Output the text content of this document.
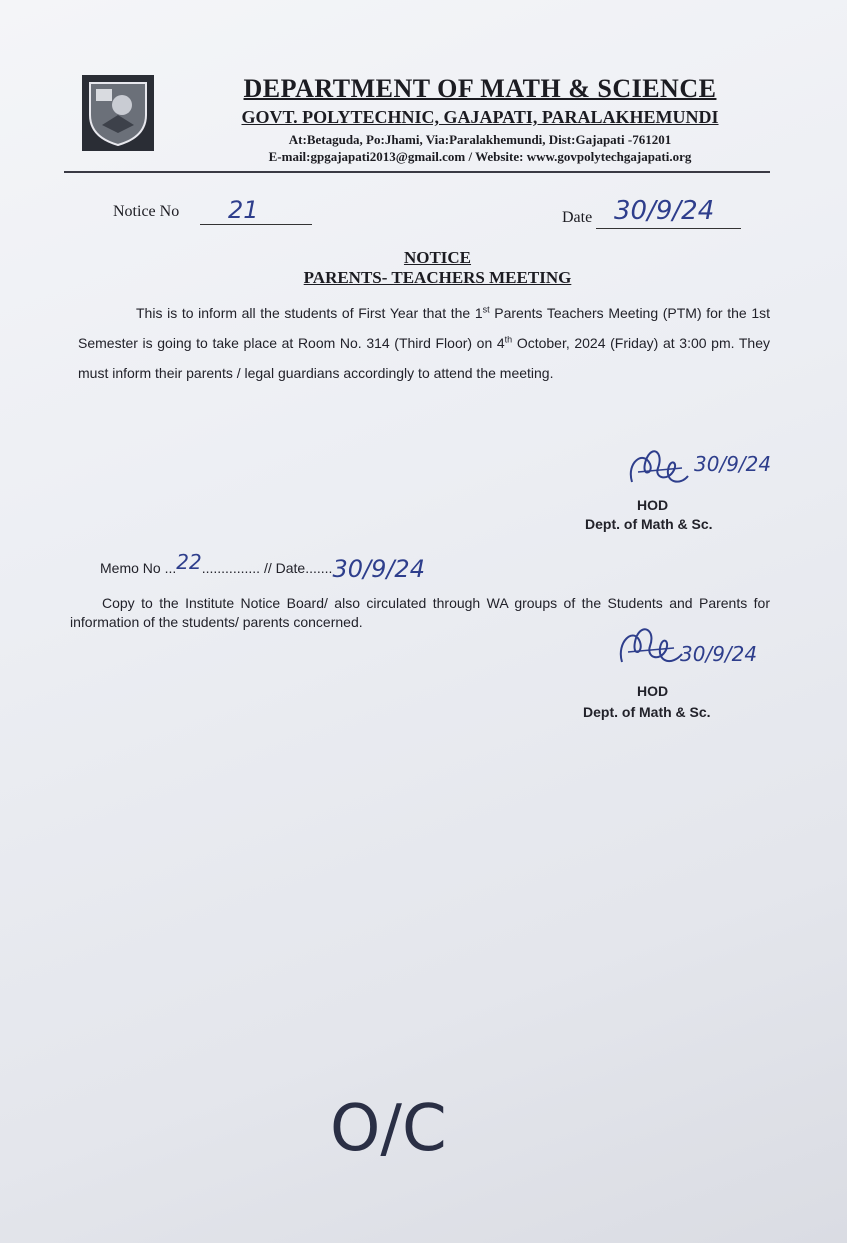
DEPARTMENT OF MATH & SCIENCE
GOVT. POLYTECHNIC, GAJAPATI, PARALAKHEMUNDI
At:Betaguda, Po:Jhami, Via:Paralakhemundi, Dist:Gajapati -761201
E-mail:gpgajapati2013@gmail.com / Website: www.govpolytechgajapati.org
Notice No 21	Date 30/9/24
NOTICE
PARENTS- TEACHERS MEETING
This is to inform all the students of First Year that the 1st Parents Teachers Meeting (PTM) for the 1st Semester is going to take place at Room No. 314 (Third Floor) on 4th October, 2024 (Friday) at 3:00 pm. They must inform their parents / legal guardians accordingly to attend the meeting.
30/9/24
HOD
Dept. of Math & Sc.
Memo No ...22............... // Date.......30/9/24
Copy to the Institute Notice Board/ also circulated through WA groups of the Students and Parents for information of the students/ parents concerned.
30/9/24
HOD
Dept. of Math & Sc.
O/C
